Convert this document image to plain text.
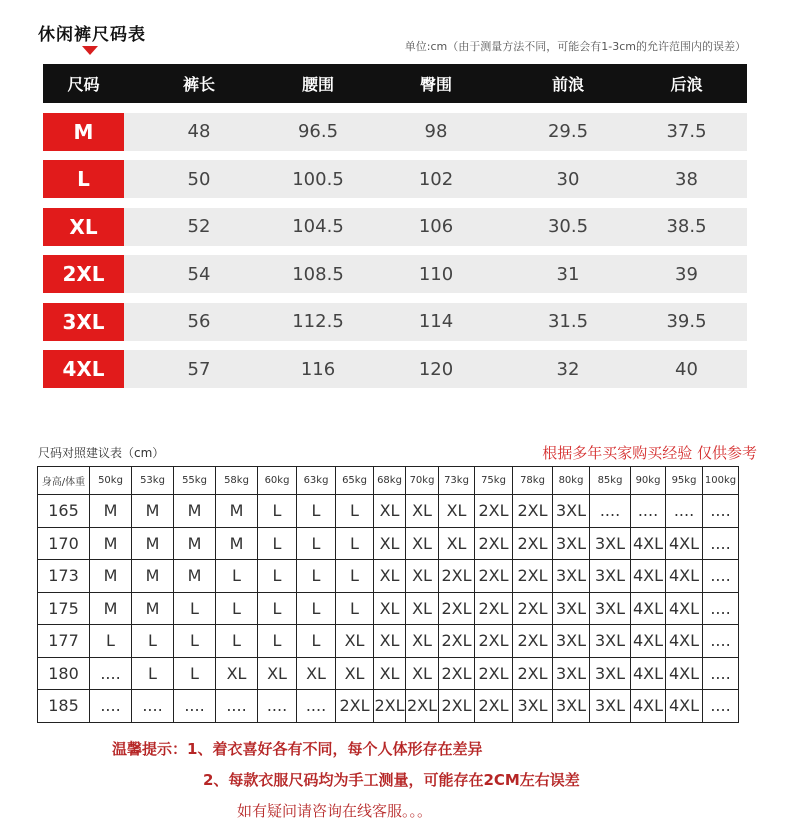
休闲裤尺码表
单位:cm（由于测量方法不同，可能会有1-3cm的允许范围内的误差）
尺码	裤长	腰围	臀围	前浪	后浪
M	48	96.5	98	29.5	37.5
L	50	100.5	102	30	38
XL	52	104.5	106	30.5	38.5
2XL	54	108.5	110	31	39
3XL	56	112.5	114	31.5	39.5
4XL	57	116	120	32	40
尺码对照建议表（cm）	根据多年买家购买经验 仅供参考
身高/体重	50kg	53kg	55kg	58kg	60kg	63kg	65kg	68kg	70kg	73kg	75kg	78kg	80kg	85kg	90kg	95kg	100kg
165	M	M	M	M	L	L	L	XL	XL	XL	2XL	2XL	3XL	....	....	....	....
170	M	M	M	M	L	L	L	XL	XL	XL	2XL	2XL	3XL	3XL	4XL	4XL	....
173	M	M	M	L	L	L	L	XL	XL	2XL	2XL	2XL	3XL	3XL	4XL	4XL	....
175	M	M	L	L	L	L	L	XL	XL	2XL	2XL	2XL	3XL	3XL	4XL	4XL	....
177	L	L	L	L	L	L	XL	XL	XL	2XL	2XL	2XL	3XL	3XL	4XL	4XL	....
180	....	L	L	XL	XL	XL	XL	XL	XL	2XL	2XL	2XL	3XL	3XL	4XL	4XL	....
185	....	....	....	....	....	....	2XL	2XL	2XL	2XL	2XL	3XL	3XL	3XL	4XL	4XL	....
温馨提示：1、着衣喜好各有不同，每个人体形存在差异
2、每款衣服尺码均为手工测量，可能存在2CM左右误差
如有疑问请咨询在线客服。。。
